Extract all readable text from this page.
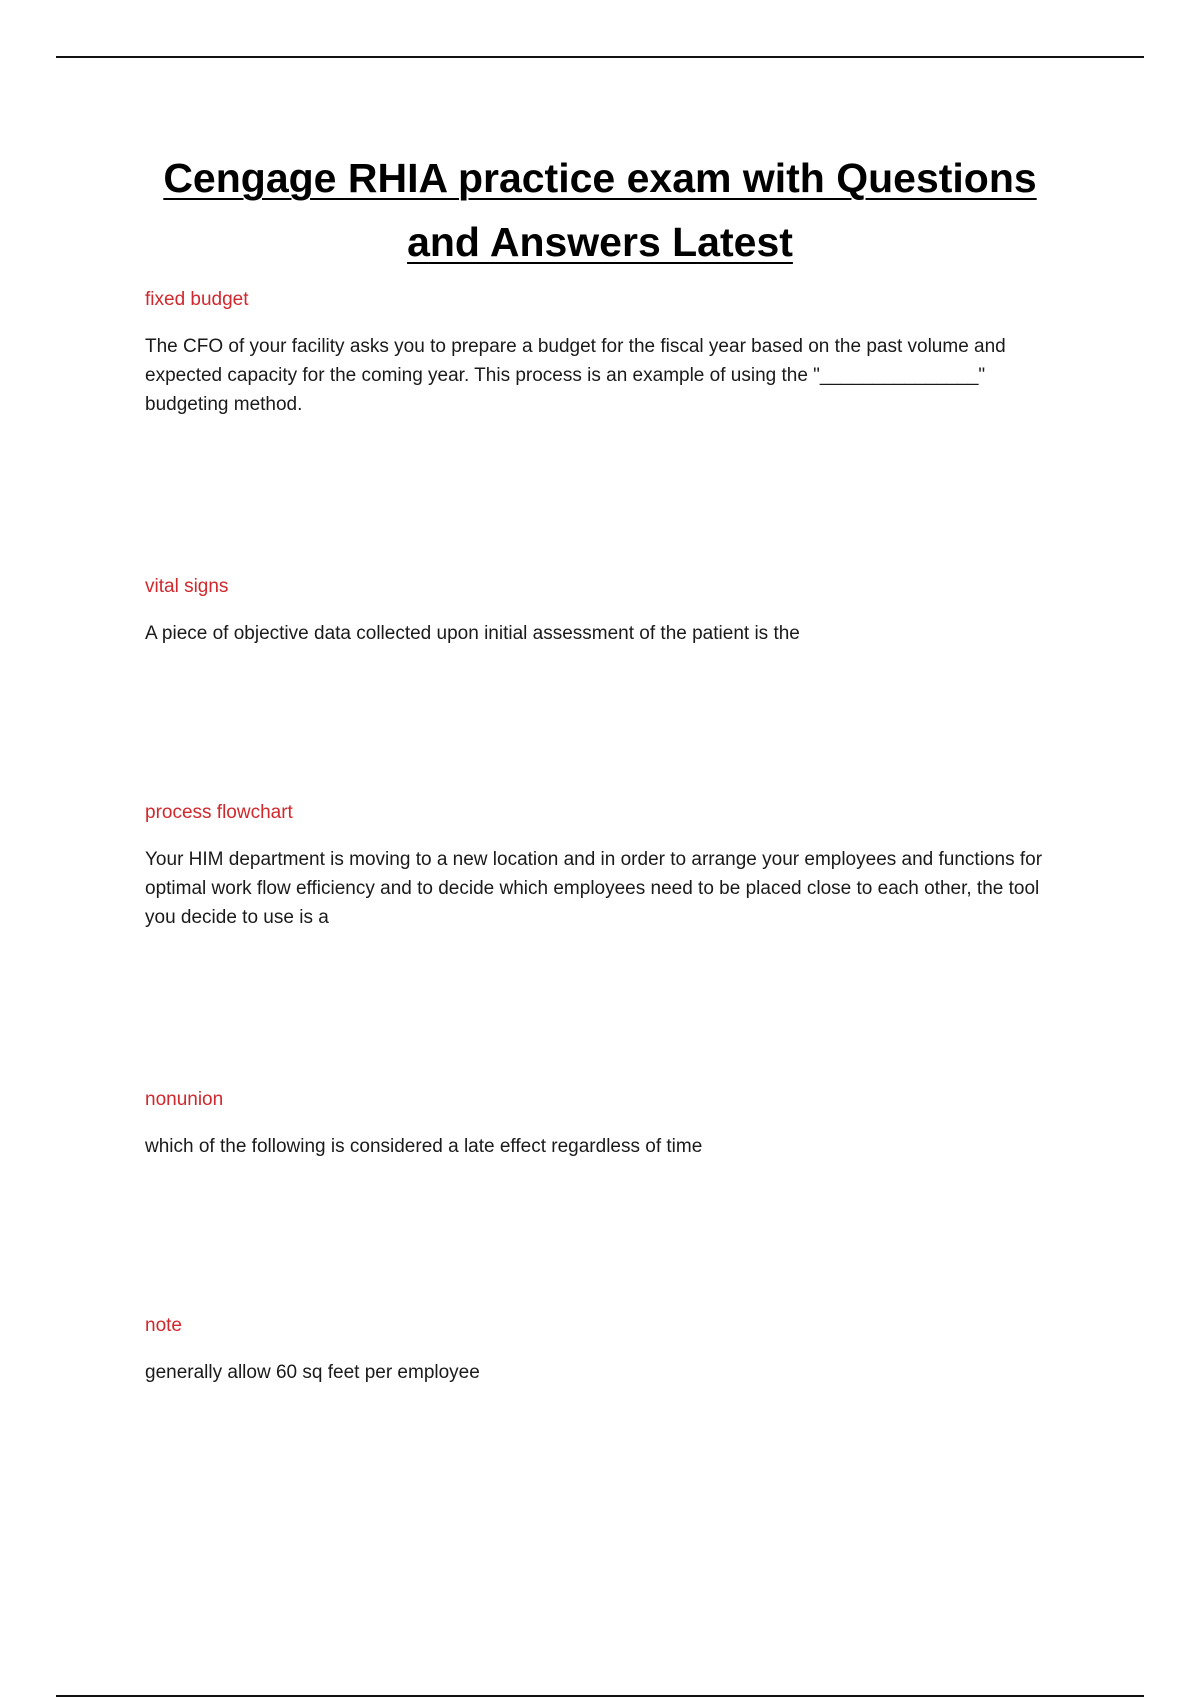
Cengage RHIA practice exam with Questions
and Answers Latest

fixed budget

The CFO of your facility asks you to prepare a budget for the fiscal year based on the past volume and expected capacity for the coming year. This process is an example of using the "_______________" budgeting method.

vital signs

A piece of objective data collected upon initial assessment of the patient is the

process flowchart

Your HIM department is moving to a new location and in order to arrange your employees and functions for optimal work flow efficiency and to decide which employees need to be placed close to each other, the tool you decide to use is a

nonunion

which of the following is considered a late effect regardless of time

note

generally allow 60 sq feet per employee
